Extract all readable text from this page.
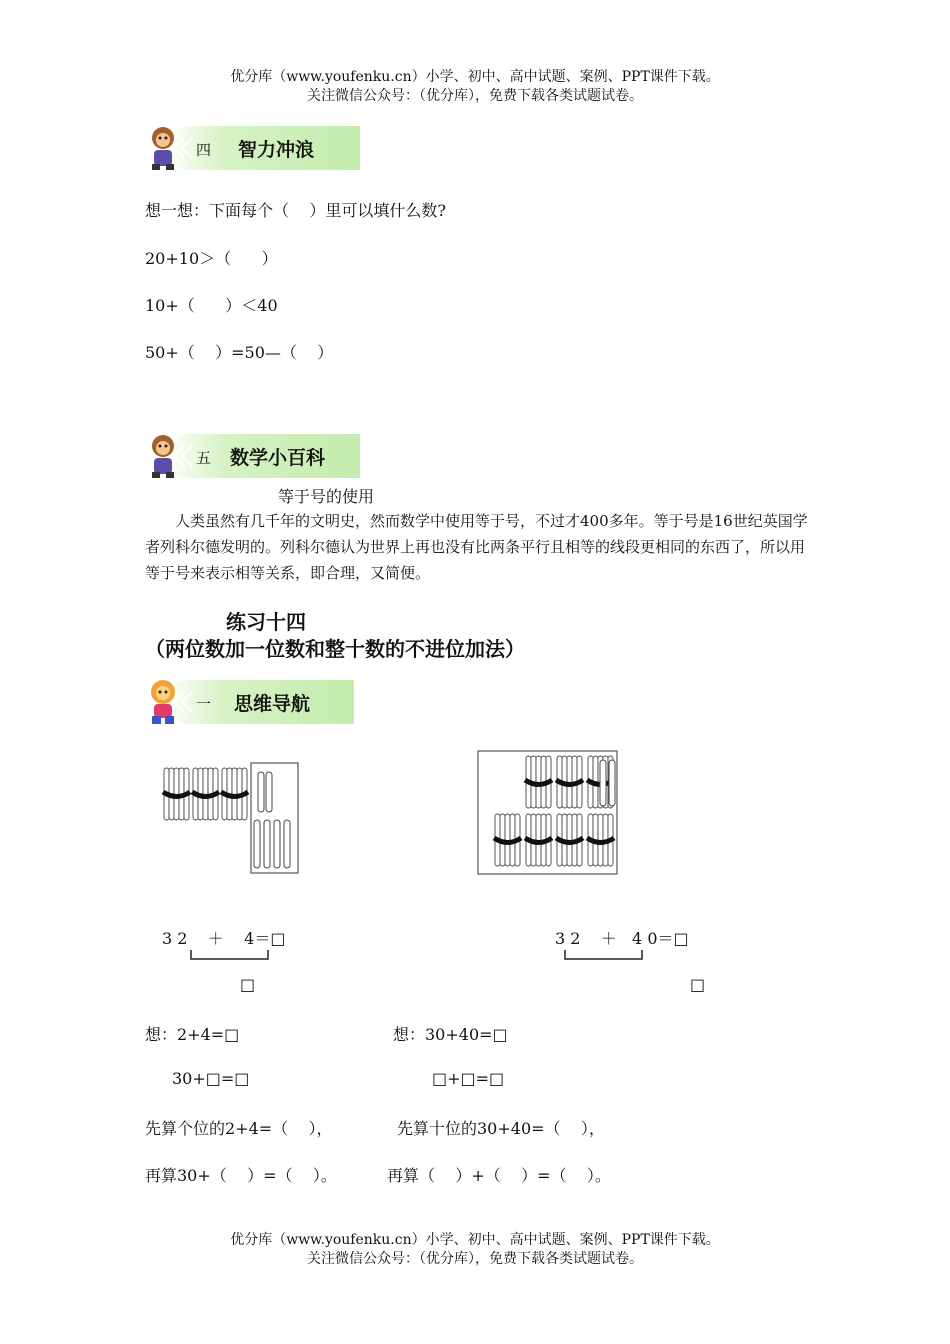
优分库（www.youfenku.cn）小学、初中、高中试题、案例、PPT课件下载。
关注微信公众号：（优分库），免费下载各类试题试卷。
四 智力冲浪
想一想：下面每个（    ）里可以填什么数?
20+10＞（      ）
10+（      ）＜40
50+（    ）=50—（    ）
五 数学小百科
等于号的使用
人类虽然有几千年的文明史，然而数学中使用等于号，不过才400多年。等于号是16世纪英国学者列科尔德发明的。列科尔德认为世界上再也没有比两条平行且相等的线段更相同的东西了，所以用等于号来表示相等关系，即合理，又简便。
练习十四
（两位数加一位数和整十数的不进位加法）
一 思维导航
3 2    ＋    4＝□
□
3 2    ＋   4 0＝□
□
想：2+4=□	想：30+40=□
30+□=□	□+□=□
先算个位的2+4=（    ），	先算十位的30+40=（    ），
再算30+（    ）=（    ）。	再算（    ）+（    ）=（    ）。
优分库（www.youfenku.cn）小学、初中、高中试题、案例、PPT课件下载。
关注微信公众号：（优分库），免费下载各类试题试卷。
